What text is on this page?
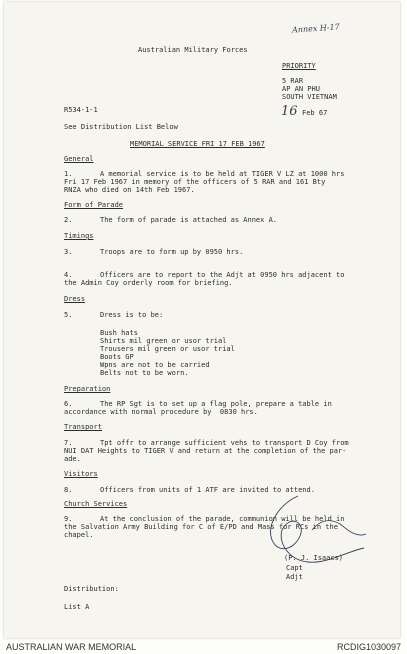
Annex H-17
Australian Military Forces
PRIORITY
5 RAR
AP AN PHU
SOUTH VIETNAM
16 Feb 67
R534-1-1
See Distribution List Below
MEMORIAL SERVICE FRI 17 FEB 1967
General
1.	A memorial service is to be held at TIGER V LZ at 1000 hrs
Fri 17 Feb 1967 in memory of the officers of 5 RAR and 161 Bty
RNZA who died on 14th Feb 1967.
Form of Parade
2.	The form of parade is attached as Annex A.
Timings
3.	Troops are to form up by 0950 hrs.
4.	Officers are to report to the Adjt at 0950 hrs adjacent to
the Admin Coy orderly room for briefing.
Dress
5.	Dress is to be:
Bush hats
Shirts mil green or usor trial
Trousers mil green or usor trial
Boots GP
Wpns are not to be carried
Belts not to be worn.
Preparation
6.	The RP Sgt is to set up a flag pole, prepare a table in
accordance with normal procedure by  0830 hrs.
Transport
7.	Tpt offr to arrange sufficient vehs to transport D Coy from
NUI DAT Heights to TIGER V and return at the completion of the par-
ade.
Visitors
8.	Officers from units of 1 ATF are invited to attend.
Church Services
9.	At the conclusion of the parade, communion will be held in
the Salvation Army Building for C of E/PD and Mass for RCs in the
chapel.
(P. J. Isaacs)
Capt
Adjt
Distribution:
List A
AUSTRALIAN WAR MEMORIAL	RCDIG1030097
